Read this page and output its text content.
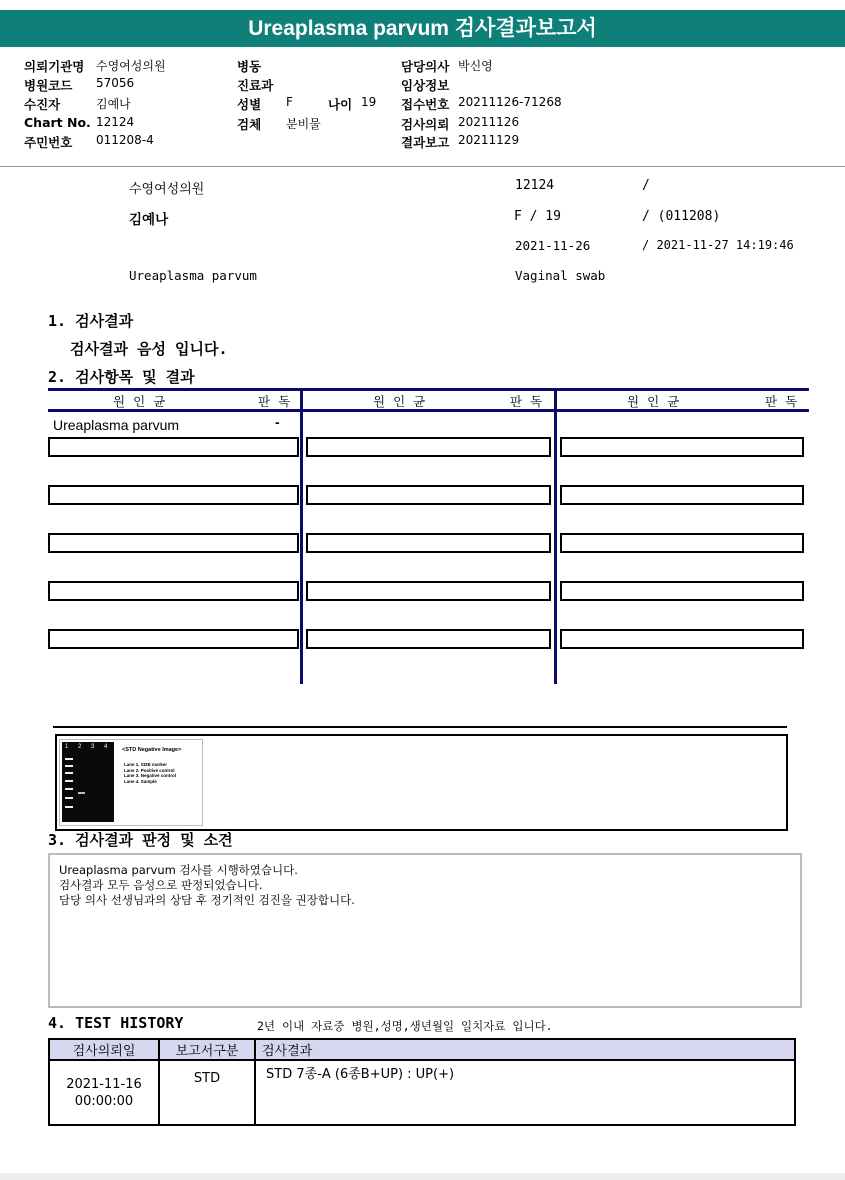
Ureaplasma parvum 검사결과보고서
의뢰기관명 수영여성의원
병원코드 57056
수진자	김예나
Chart No. 12124
주민번호 011208-4
병동
진료과
성별 F	나이 19
검체 분비물
담당의사 박신영
임상정보
접수번호 20211126-71268
검사의뢰 20211126
결과보고 20211129
수영여성의원	12124	/
김예나	F / 19	/ (011208)
2021-11-26	/ 2021-11-27 14:19:46
Ureaplasma parvum	Vaginal swab
1. 검사결과
검사결과 음성 입니다.
2. 검사항목 및 결과
원인균	판독	원인균	판독	원인균	판독
Ureaplasma parvum	-
1 2 3 4	<STD Negative Image>
Lane 1. SIZE marker
Lane 2. Positive control
Lane 3. Negative control
Lane 4. Sample
3. 검사결과 판정 및 소견
Ureaplasma parvum 검사를 시행하였습니다.
검사결과 모두 음성으로 판정되었습니다.
담당 의사 선생님과의 상담 후 정기적인 검진을 권장합니다.
4. TEST HISTORY	2년 이내 자료중 병원,성명,생년월일 일치자료 입니다.
검사의뢰일	보고서구분	검사결과

2021-11-16
00:00:00	STD	STD 7종-A (6종B+UP) : UP(+)
